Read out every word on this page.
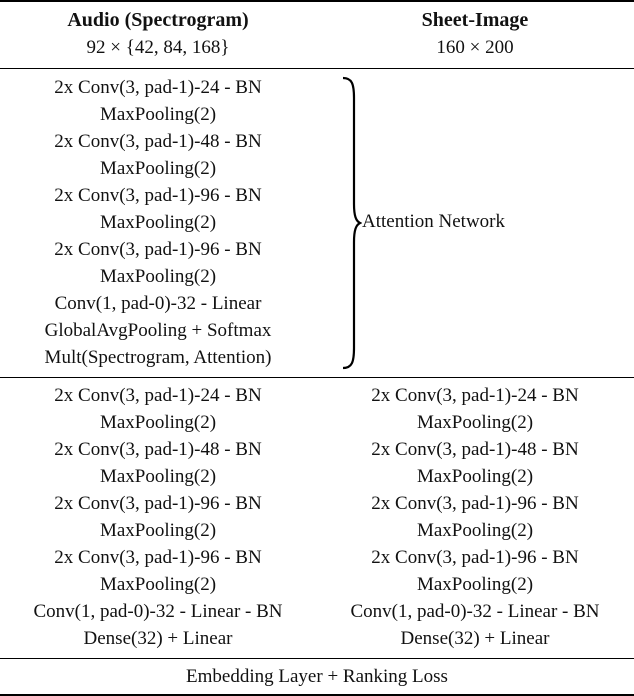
Audio (Spectrogram)
92 × {42, 84, 168}
Sheet-Image
160 × 200
2x Conv(3, pad-1)-24 - BN
MaxPooling(2)
2x Conv(3, pad-1)-48 - BN
MaxPooling(2)
2x Conv(3, pad-1)-96 - BN
MaxPooling(2)
2x Conv(3, pad-1)-96 - BN
MaxPooling(2)
Conv(1, pad-0)-32 - Linear
GlobalAvgPooling + Softmax
Mult(Spectrogram, Attention)
Attention Network
2x Conv(3, pad-1)-24 - BN
MaxPooling(2)
2x Conv(3, pad-1)-48 - BN
MaxPooling(2)
2x Conv(3, pad-1)-96 - BN
MaxPooling(2)
2x Conv(3, pad-1)-96 - BN
MaxPooling(2)
Conv(1, pad-0)-32 - Linear - BN
Dense(32) + Linear
2x Conv(3, pad-1)-24 - BN
MaxPooling(2)
2x Conv(3, pad-1)-48 - BN
MaxPooling(2)
2x Conv(3, pad-1)-96 - BN
MaxPooling(2)
2x Conv(3, pad-1)-96 - BN
MaxPooling(2)
Conv(1, pad-0)-32 - Linear - BN
Dense(32) + Linear
Embedding Layer + Ranking Loss
